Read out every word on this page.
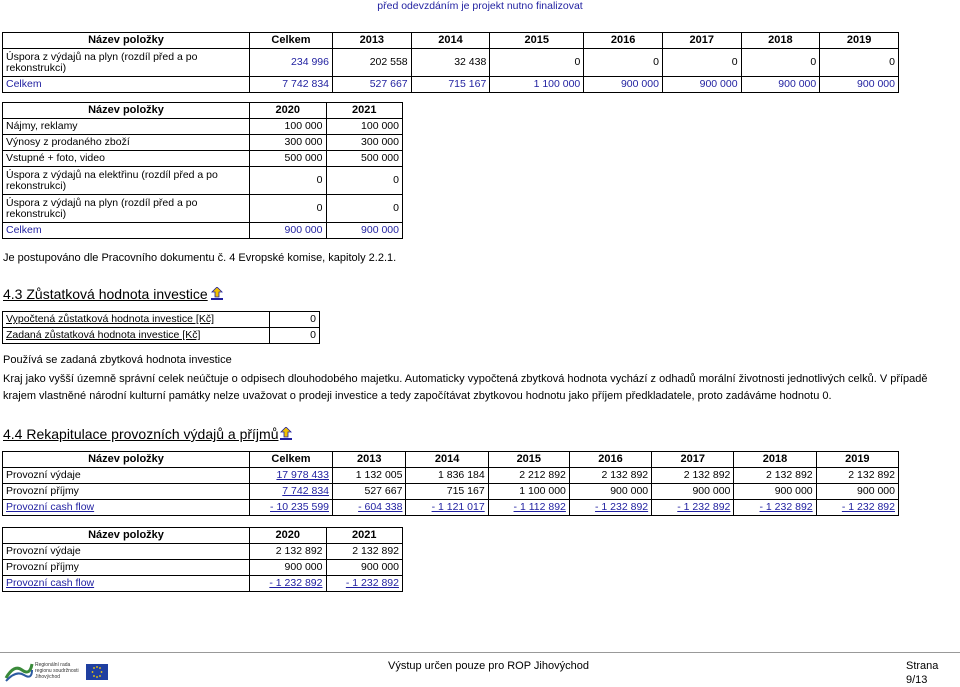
před odevzdáním je projekt nutno finalizovat
Název položky	Celkem	2013	2014	2015	2016	2017	2018	2019
Úspora z výdajů na plyn (rozdíl před a po rekonstrukci)	234 996	202 558	32 438	0	0	0	0	0
Celkem	7 742 834	527 667	715 167	1 100 000	900 000	900 000	900 000	900 000
Název položky	2020	2021
Nájmy, reklamy	100 000	100 000
Výnosy z prodaného zboží	300 000	300 000
Vstupné + foto, video	500 000	500 000
Úspora z výdajů na elektřinu (rozdíl před a po rekonstrukci)	0	0
Úspora z výdajů na plyn (rozdíl před a po rekonstrukci)	0	0
Celkem	900 000	900 000
Je postupováno dle Pracovního dokumentu č. 4 Evropské komise, kapitoly 2.2.1.
4.3 Zůstatková hodnota investice
Vypočtená zůstatková hodnota investice [Kč]	0
Zadaná zůstatková hodnota investice [Kč]	0
Používá se zadaná zbytková hodnota investice
Kraj jako vyšší územně správní celek neúčtuje o odpisech dlouhodobého majetku. Automaticky vypočtená zbytková hodnota vychází z odhadů morální životnosti jednotlivých celků. V případě
krajem vlastněné národní kulturní památky nelze uvažovat o prodeji investice a tedy započítávat zbytkovou hodnotu jako příjem předkladatele, proto zadáváme hodnotu 0.
4.4 Rekapitulace provozních výdajů a příjmů
Název položky	Celkem	2013	2014	2015	2016	2017	2018	2019
Provozní výdaje	17 978 433	1 132 005	1 836 184	2 212 892	2 132 892	2 132 892	2 132 892	2 132 892
Provozní příjmy	7 742 834	527 667	715 167	1 100 000	900 000	900 000	900 000	900 000
Provozní cash flow	- 10 235 599	- 604 338	- 1 121 017	- 1 112 892	- 1 232 892	- 1 232 892	- 1 232 892	- 1 232 892
Název položky	2020	2021
Provozní výdaje	2 132 892	2 132 892
Provozní příjmy	900 000	900 000
Provozní cash flow	- 1 232 892	- 1 232 892
Regionální rada regionu soudržnosti Jihovýchod
Výstup určen pouze pro ROP Jihovýchod	Strana 9/13
